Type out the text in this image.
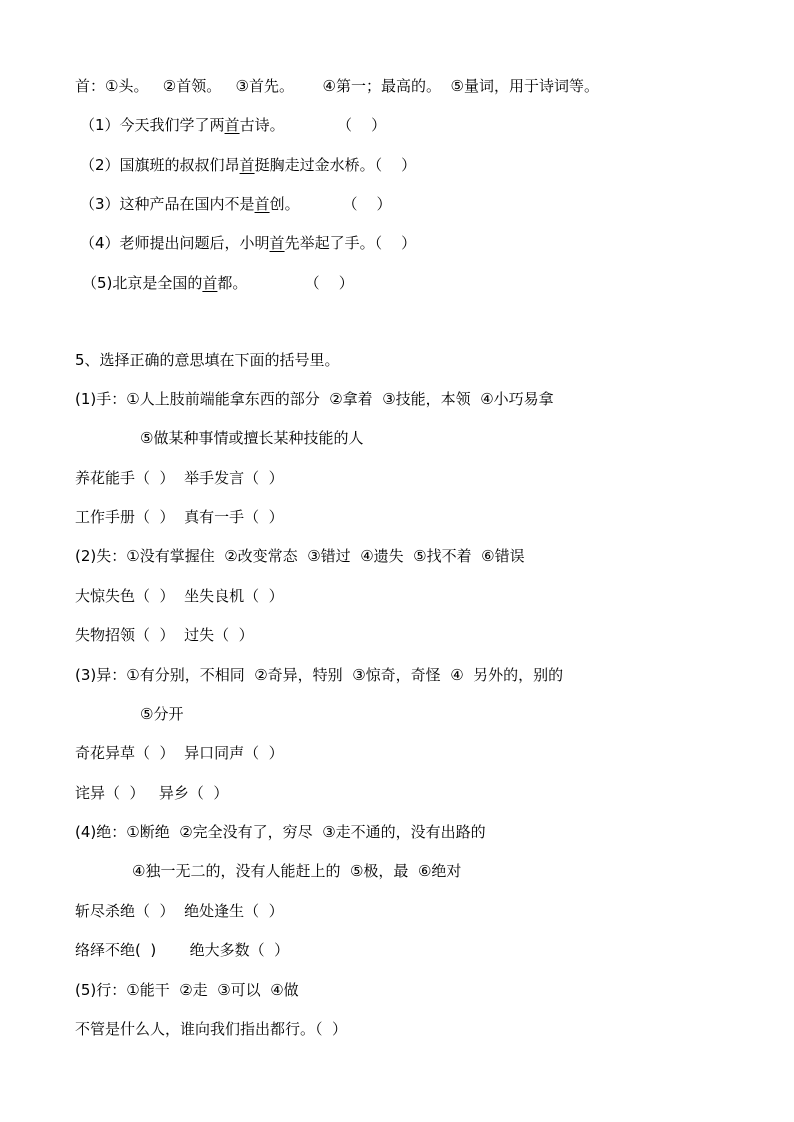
首：①头。   ②首领。   ③首先。      ④第一；最高的。  ⑤量词，用于诗词等。
（1）今天我们学了两首古诗。           （    ）
（2）国旗班的叔叔们昂首挺胸走过金水桥。（    ）
（3）这种产品在国内不是首创。         （    ）
（4）老师提出问题后，小明首先举起了手。（    ）
（5)北京是全国的首都。            （    ）
5、选择正确的意思填在下面的括号里。
(1)手：①人上肢前端能拿东西的部分  ②拿着  ③技能，本领  ④小巧易拿
⑤做某种事情或擅长某种技能的人
养花能手（  ）  举手发言（  ）
工作手册（  ）  真有一手（  ）
(2)失：①没有掌握住  ②改变常态  ③错过  ④遗失  ⑤找不着  ⑥错误
大惊失色（  ）  坐失良机（  ）
失物招领（  ）  过失（  ）
(3)异：①有分别，不相同  ②奇异，特别  ③惊奇，奇怪  ④  另外的，别的
⑤分开
奇花异草（  ）  异口同声（  ）
诧异（  ）   异乡（  ）
(4)绝：①断绝  ②完全没有了，穷尽  ③走不通的，没有出路的
④独一无二的，没有人能赶上的  ⑤极，最  ⑥绝对
斩尽杀绝（  ）  绝处逢生（  ）
络绎不绝(  )       绝大多数（  ）
(5)行：①能干  ②走  ③可以  ④做
不管是什么人，谁向我们指出都行。（  ）
